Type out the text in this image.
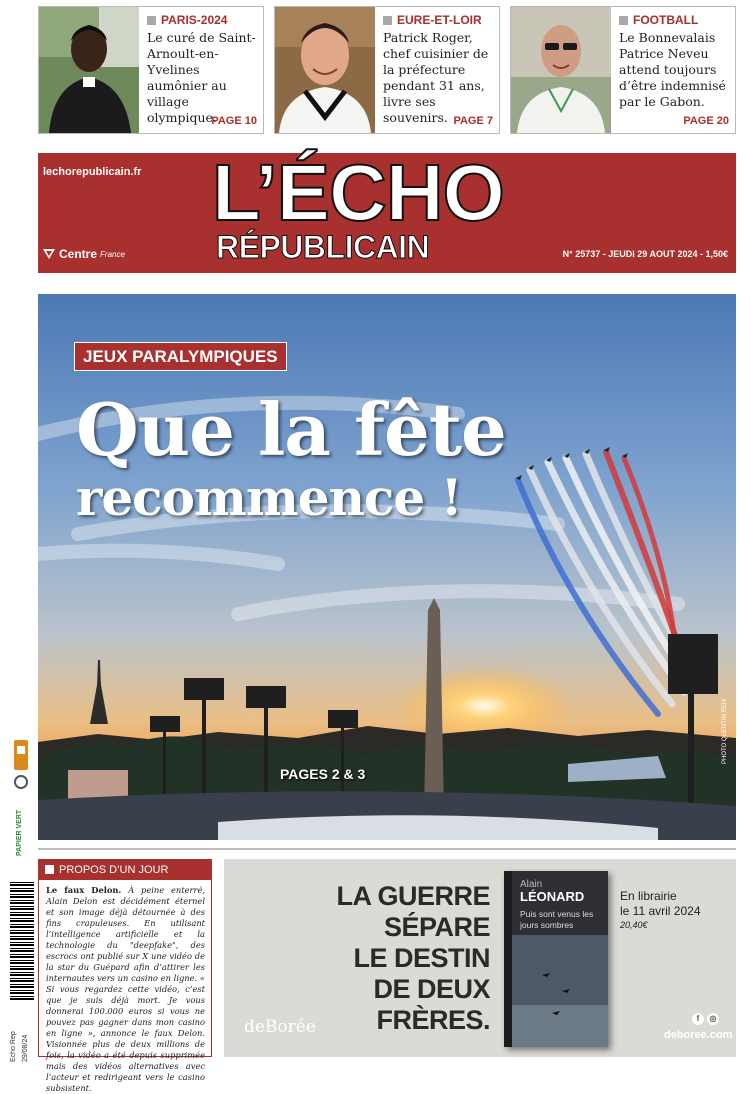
PARIS-2024
Le curé de Saint-Arnoult-en-Yvelines aumônier au village olympique.
PAGE 10
EURE-ET-LOIR
Patrick Roger, chef cuisinier de la préfecture pendant 31 ans, livre ses souvenirs. PAGE 7
FOOTBALL
Le Bonnevalais Patrice Neveu attend toujours d’être indemnisé par le Gabon.
PAGE 20
lechorepublicain.fr L’ÉCHO
RÉPUBLICAIN
Centre France	N° 25737 - JEUDI 29 AOUT 2024 - 1,50€
JEUX PARALYMPIQUES
Que la fête
recommence !
PAGES 2 & 3
PHOTO QUENTIN REIX
PAPIER VERT
Echo Rep 29/08/24
PROPOS D’UN JOUR
Le faux Delon. À peine enterré, Alain Delon est décidément éternel et son image déjà détournée à des fins crapuleuses. En utilisant l’intelligence artificielle et la technologie du "deepfake", des escrocs ont publié sur X une vidéo de la star du Guépard afin d’attirer les internautes vers un casino en ligne. « Si vous regardez cette vidéo, c’est que je suis déjà mort. Je vous donnerai 100.000 euros si vous ne pouvez pas gagner dans mon casino en ligne », annonce le faux Delon. Visionnée plus de deux millions de fois, la vidéo a été depuis supprimée mais des vidéos alternatives avec l’acteur et redirigeant vers le casino subsistent.
LA GUERRE
SÉPARE
LE DESTIN
DE DEUX
FRÈRES.
deBorée
Alain
LÉONARD
Puis sont venus les jours sombres
En librairie
le 11 avril 2024
20,40€
f	◎
deboree.com
